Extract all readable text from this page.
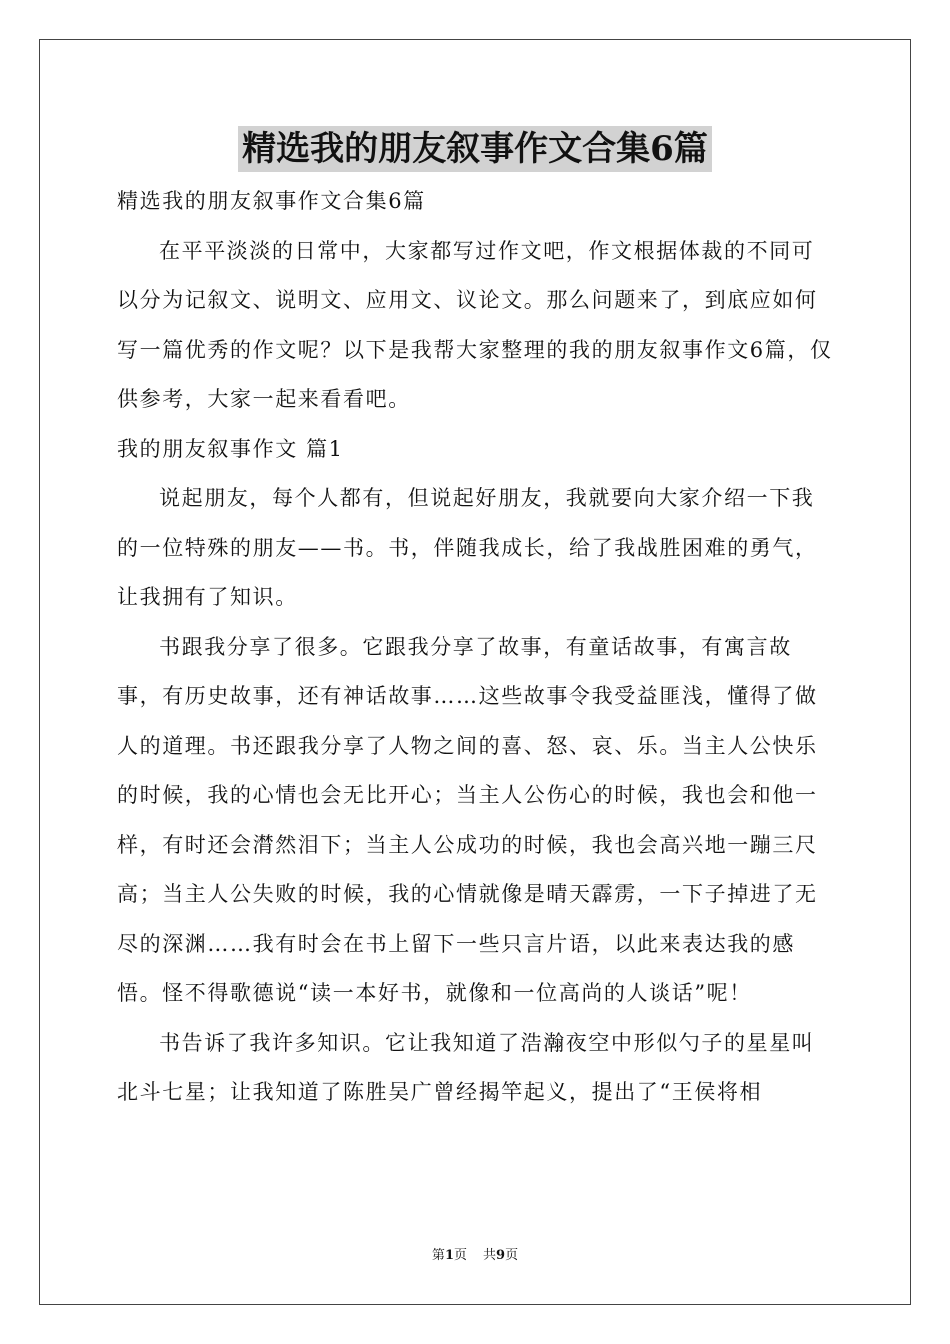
精选我的朋友叙事作文合集6篇

精选我的朋友叙事作文合集6篇

在平平淡淡的日常中，大家都写过作文吧，作文根据体裁的不同可以分为记叙文、说明文、应用文、议论文。那么问题来了，到底应如何写一篇优秀的作文呢？以下是我帮大家整理的我的朋友叙事作文6篇，仅供参考，大家一起来看看吧。

我的朋友叙事作文 篇1

说起朋友，每个人都有，但说起好朋友，我就要向大家介绍一下我的一位特殊的朋友——书。书，伴随我成长，给了我战胜困难的勇气，让我拥有了知识。

书跟我分享了很多。它跟我分享了故事，有童话故事，有寓言故事，有历史故事，还有神话故事……这些故事令我受益匪浅，懂得了做人的道理。书还跟我分享了人物之间的喜、怒、哀、乐。当主人公快乐的时候，我的心情也会无比开心；当主人公伤心的时候，我也会和他一样，有时还会潸然泪下；当主人公成功的时候，我也会高兴地一蹦三尺高；当主人公失败的时候，我的心情就像是晴天霹雳，一下子掉进了无尽的深渊……我有时会在书上留下一些只言片语，以此来表达我的感悟。怪不得歌德说“读一本好书，就像和一位高尚的人谈话”呢！

书告诉了我许多知识。它让我知道了浩瀚夜空中形似勺子的星星叫北斗七星；让我知道了陈胜吴广曾经揭竿起义，提出了“王侯将相

第1页 共9页
